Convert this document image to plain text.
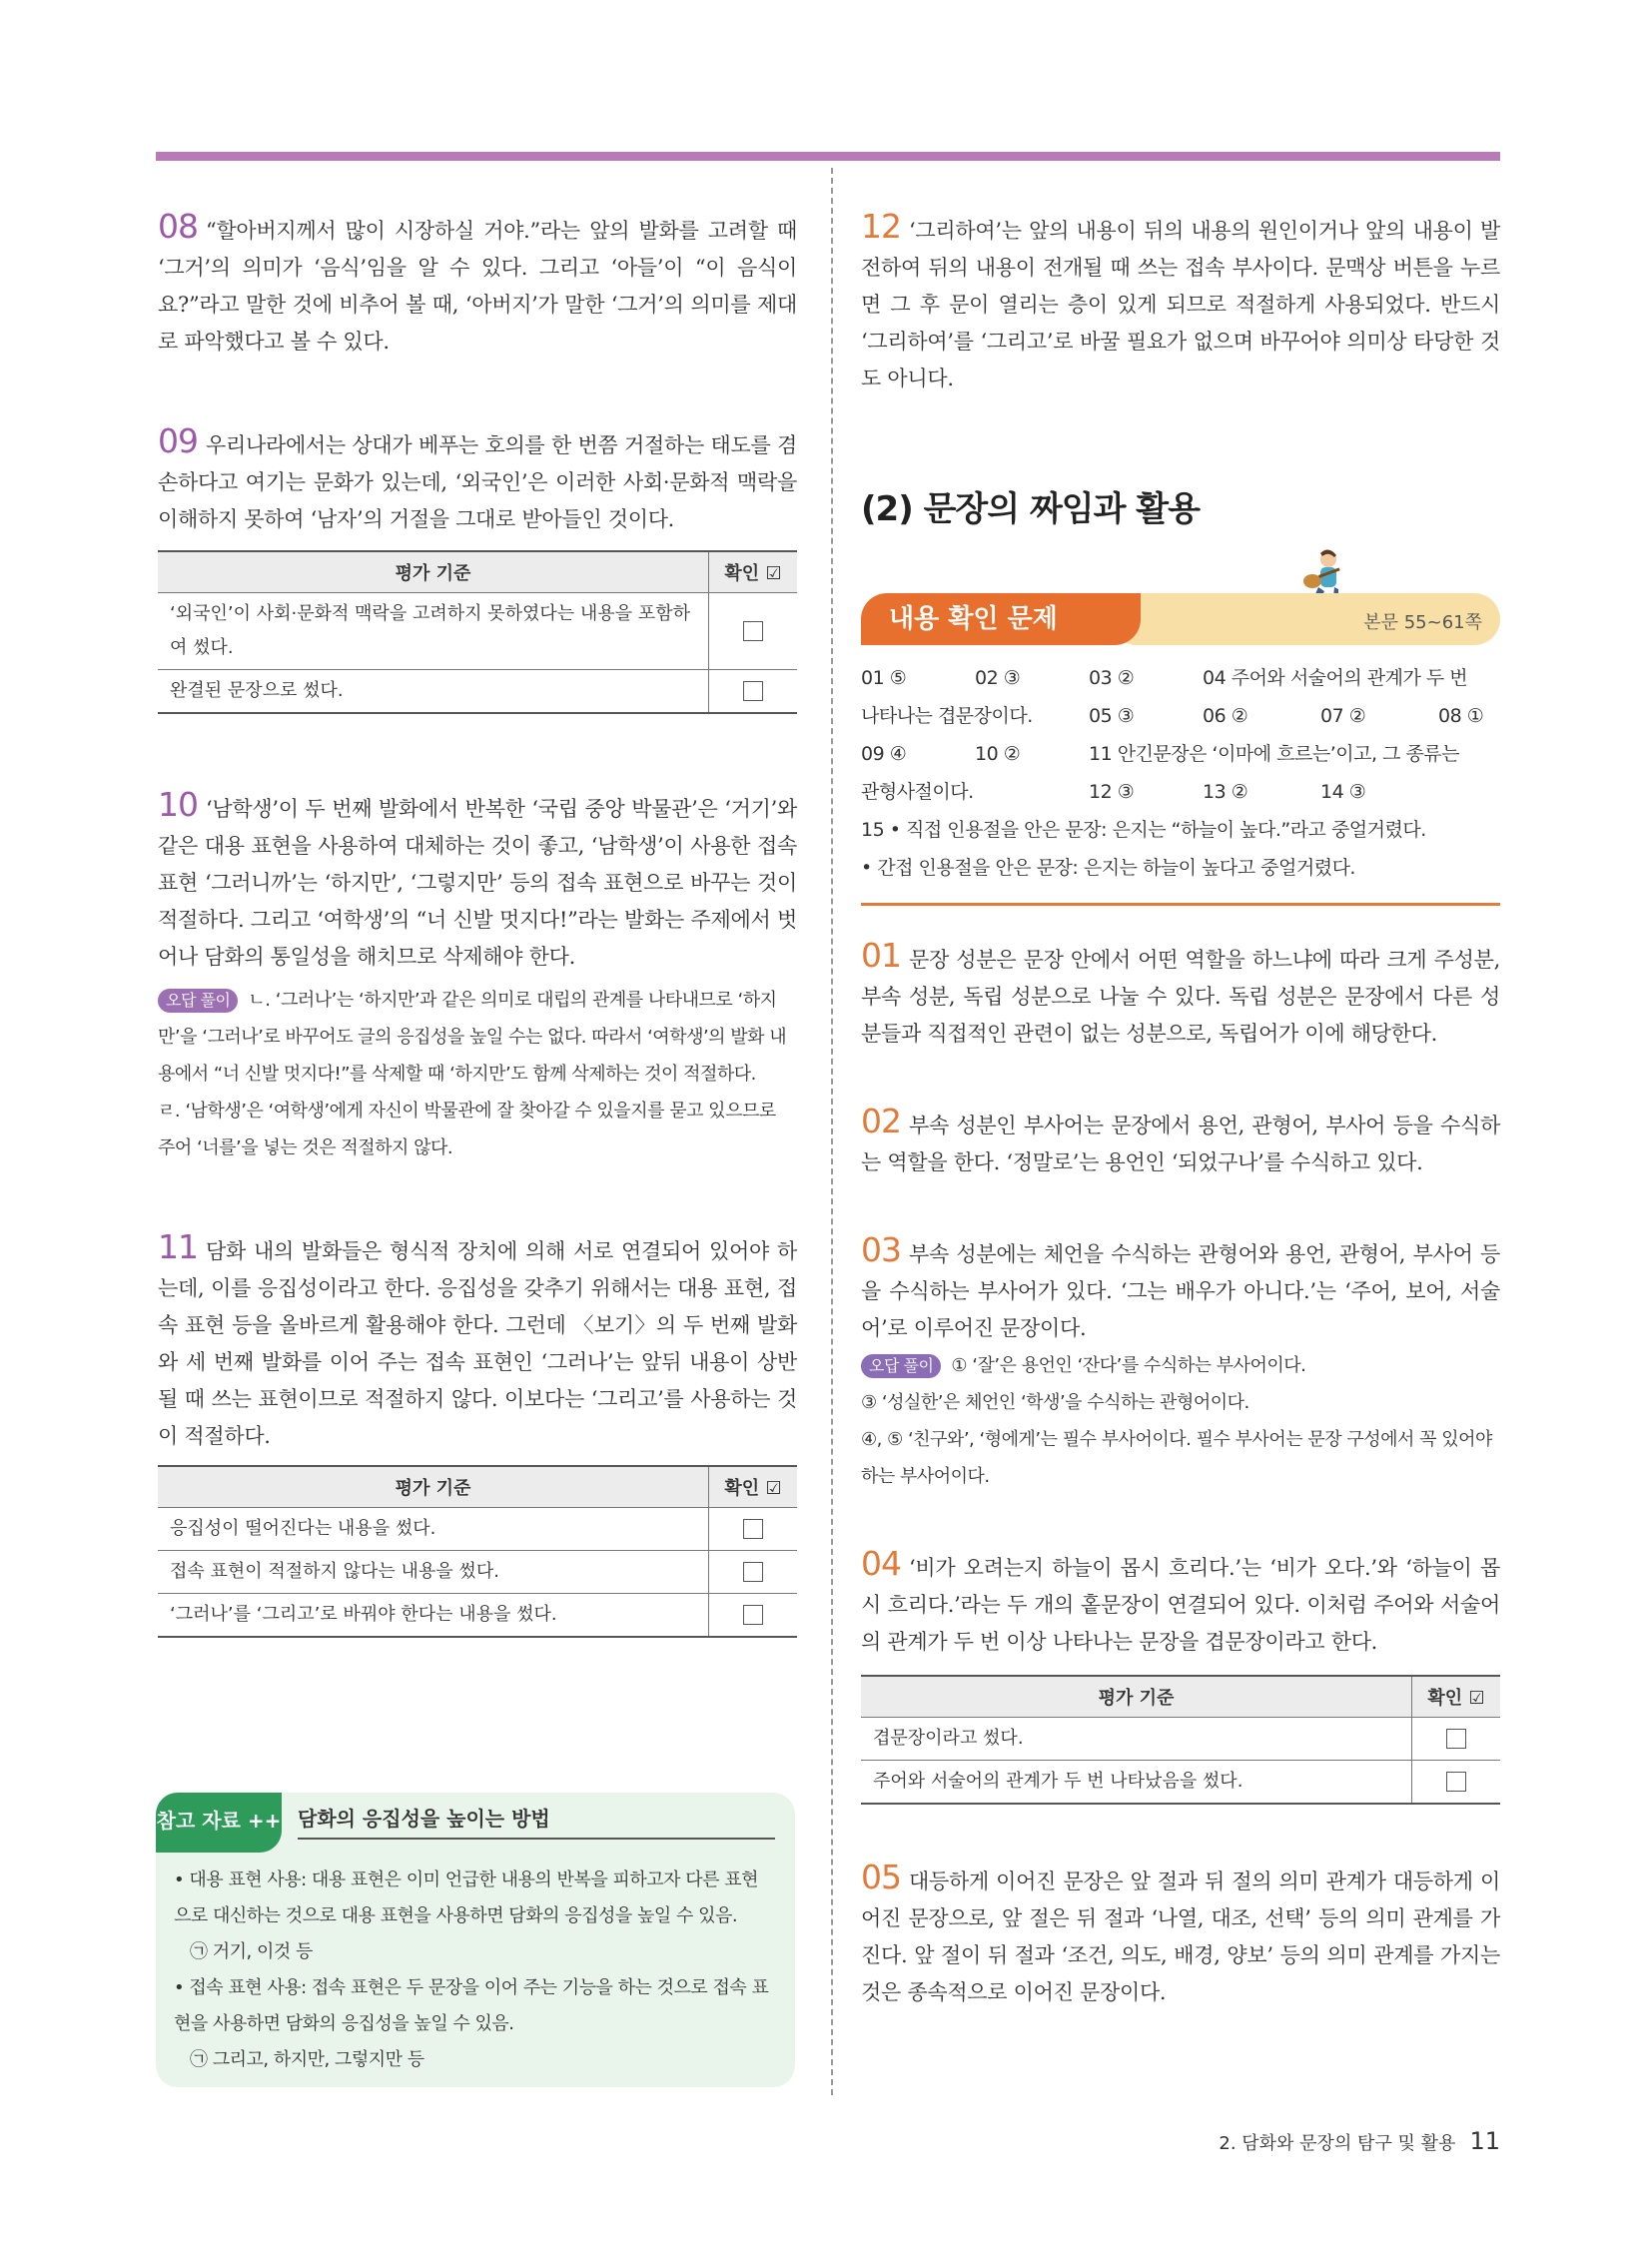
08 “할아버지께서 많이 시장하실 거야.”라는 앞의 발화를 고려할 때 ‘그거’의 의미가 ‘음식’임을 알 수 있다. 그리고 ‘아들’이 “이 음식이요?”라고 말한 것에 비추어 볼 때, ‘아버지’가 말한 ‘그거’의 의미를 제대로 파악했다고 볼 수 있다.
09 우리나라에서는 상대가 베푸는 호의를 한 번쯤 거절하는 태도를 겸손하다고 여기는 문화가 있는데, ‘외국인’은 이러한 사회·문화적 맥락을 이해하지 못하여 ‘남자’의 거절을 그대로 받아들인 것이다.
평가 기준	확인 ☑
‘외국인’이 사회·문화적 맥락을 고려하지 못하였다는 내용을 포함하여 썼다.	
완결된 문장으로 썼다.	
10 ‘남학생’이 두 번째 발화에서 반복한 ‘국립 중앙 박물관’은 ‘거기’와 같은 대용 표현을 사용하여 대체하는 것이 좋고, ‘남학생’이 사용한 접속 표현 ‘그러니까’는 ‘하지만’, ‘그렇지만’ 등의 접속 표현으로 바꾸는 것이 적절하다. 그리고 ‘여학생’의 “너 신발 멋지다!”라는 발화는 주제에서 벗어나 담화의 통일성을 해치므로 삭제해야 한다.
오답 풀이 ㄴ. ‘그러나’는 ‘하지만’과 같은 의미로 대립의 관계를 나타내므로 ‘하지만’을 ‘그러나’로 바꾸어도 글의 응집성을 높일 수는 없다. 따라서 ‘여학생’의 발화 내용에서 “너 신발 멋지다!”를 삭제할 때 ‘하지만’도 함께 삭제하는 것이 적절하다.
ㄹ. ‘남학생’은 ‘여학생’에게 자신이 박물관에 잘 찾아갈 수 있을지를 묻고 있으므로 주어 ‘너를’을 넣는 것은 적절하지 않다.
11 담화 내의 발화들은 형식적 장치에 의해 서로 연결되어 있어야 하는데, 이를 응집성이라고 한다. 응집성을 갖추기 위해서는 대용 표현, 접속 표현 등을 올바르게 활용해야 한다. 그런데 〈보기〉의 두 번째 발화와 세 번째 발화를 이어 주는 접속 표현인 ‘그러나’는 앞뒤 내용이 상반될 때 쓰는 표현이므로 적절하지 않다. 이보다는 ‘그리고’를 사용하는 것이 적절하다.
평가 기준	확인 ☑
응집성이 떨어진다는 내용을 썼다.	
접속 표현이 적절하지 않다는 내용을 썼다.	
‘그러나’를 ‘그리고’로 바꿔야 한다는 내용을 썼다.	
참고 자료 ++ 담화의 응집성을 높이는 방법

• 대용 표현 사용: 대용 표현은 이미 언급한 내용의 반복을 피하고자 다른 표현으로 대신하는 것으로 대용 표현을 사용하면 담화의 응집성을 높일 수 있음.

㉠ 거기, 이것 등

• 접속 표현 사용: 접속 표현은 두 문장을 이어 주는 기능을 하는 것으로 접속 표현을 사용하면 담화의 응집성을 높일 수 있음.

㉠ 그리고, 하지만, 그렇지만 등

12 ‘그리하여’는 앞의 내용이 뒤의 내용의 원인이거나 앞의 내용이 발전하여 뒤의 내용이 전개될 때 쓰는 접속 부사이다. 문맥상 버튼을 누르면 그 후 문이 열리는 층이 있게 되므로 적절하게 사용되었다. 반드시 ‘그리하여’를 ‘그리고’로 바꿀 필요가 없으며 바꾸어야 의미상 타당한 것도 아니다.
(2) 문장의 짜임과 활용
본문 55~61쪽
내용 확인 문제

01 ⑤	02 ③	03 ②	04 주어와 서술어의 관계가 두 번

나타나는 겹문장이다.	05 ③	06 ②	07 ②	08 ①

09 ④	10 ②	11 안긴문장은 ‘이마에 흐르는’이고, 그 종류는

관형사절이다.	12 ③	13 ②	14 ③

15 • 직접 인용절을 안은 문장: 은지는 “하늘이 높다.”라고 중얼거렸다.

• 간접 인용절을 안은 문장: 은지는 하늘이 높다고 중얼거렸다.

01 문장 성분은 문장 안에서 어떤 역할을 하느냐에 따라 크게 주성분, 부속 성분, 독립 성분으로 나눌 수 있다. 독립 성분은 문장에서 다른 성분들과 직접적인 관련이 없는 성분으로, 독립어가 이에 해당한다.
02 부속 성분인 부사어는 문장에서 용언, 관형어, 부사어 등을 수식하는 역할을 한다. ‘정말로’는 용언인 ‘되었구나’를 수식하고 있다.
03 부속 성분에는 체언을 수식하는 관형어와 용언, 관형어, 부사어 등을 수식하는 부사어가 있다. ‘그는 배우가 아니다.’는 ‘주어, 보어, 서술어’로 이루어진 문장이다.
오답 풀이 ① ‘잘’은 용언인 ‘잔다’를 수식하는 부사어이다.
③ ‘성실한’은 체언인 ‘학생’을 수식하는 관형어이다.
④, ⑤ ‘친구와’, ‘형에게’는 필수 부사어이다. 필수 부사어는 문장 구성에서 꼭 있어야 하는 부사어이다.
04 ‘비가 오려는지 하늘이 몹시 흐리다.’는 ‘비가 오다.’와 ‘하늘이 몹시 흐리다.’라는 두 개의 홑문장이 연결되어 있다. 이처럼 주어와 서술어의 관계가 두 번 이상 나타나는 문장을 겹문장이라고 한다.
평가 기준	확인 ☑
겹문장이라고 썼다.	
주어와 서술어의 관계가 두 번 나타났음을 썼다.	
05 대등하게 이어진 문장은 앞 절과 뒤 절의 의미 관계가 대등하게 이어진 문장으로, 앞 절은 뒤 절과 ‘나열, 대조, 선택’ 등의 의미 관계를 가진다. 앞 절이 뒤 절과 ‘조건, 의도, 배경, 양보’ 등의 의미 관계를 가지는 것은 종속적으로 이어진 문장이다.
2. 담화와 문장의 탐구 및 활용 11
